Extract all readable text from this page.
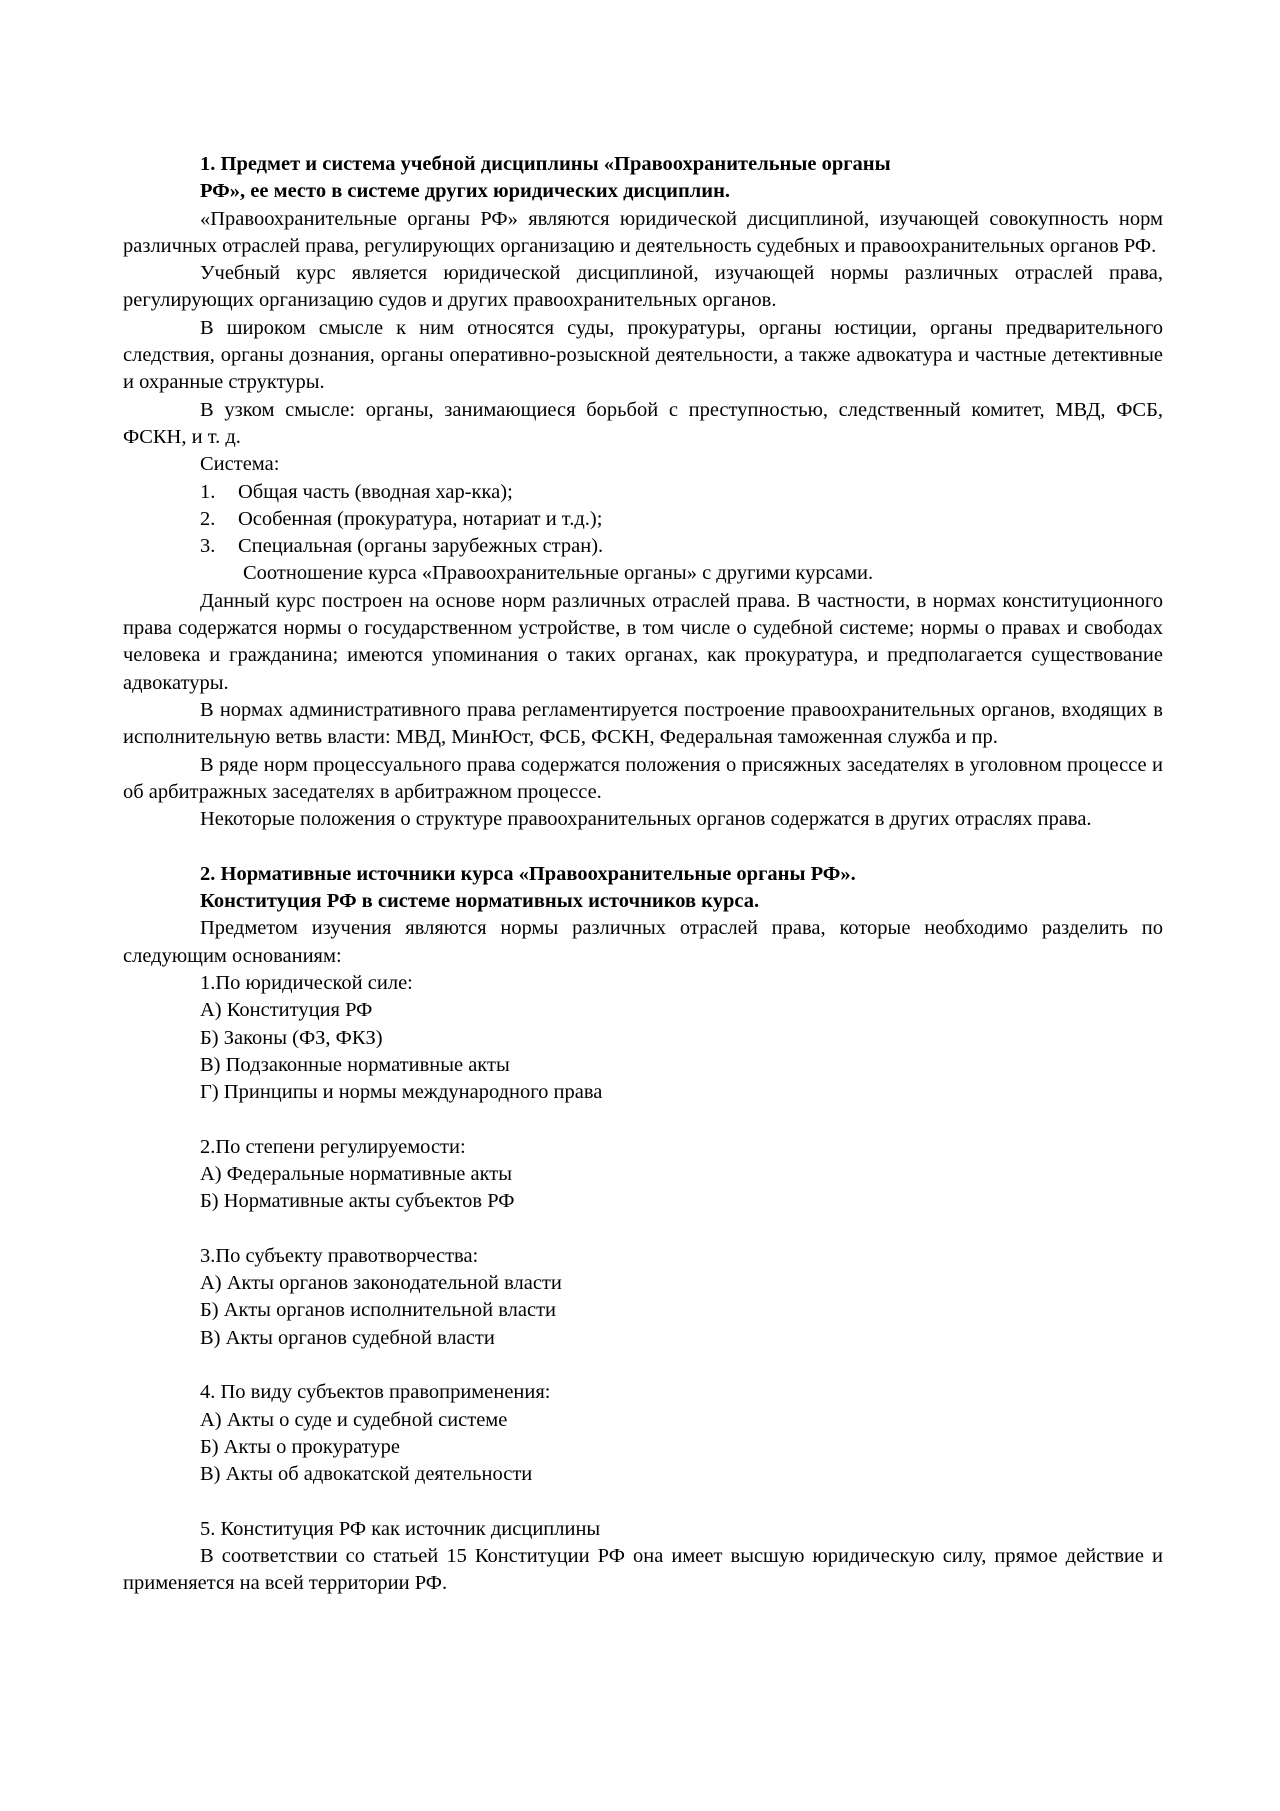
1. Предмет и система учебной дисциплины «Правоохранительные органы

РФ», ее место в системе других юридических дисциплин.

«Правоохранительные органы РФ» являются юридической дисциплиной, изучающей совокупность норм различных отраслей права, регулирующих организацию и деятельность судебных и правоохранительных органов РФ.

Учебный курс является юридической дисциплиной, изучающей нормы различных отраслей права, регулирующих организацию судов и других правоохранительных органов.

В широком смысле к ним относятся суды, прокуратуры, органы юстиции, органы предварительного следствия, органы дознания, органы оперативно-розыскной деятельности, а также адвокатура и частные детективные и охранные структуры.

В узком смысле: органы, занимающиеся борьбой с преступностью, следственный комитет, МВД, ФСБ, ФСКН, и т. д.

Система:

1.	Общая часть (вводная хар-кка);
2.	Особенная (прокуратура, нотариат и т.д.);
3.	Специальная (органы зарубежных стран).

Соотношение курса «Правоохранительные органы» с другими курсами.

Данный курс построен на основе норм различных отраслей права. В частности, в нормах конституционного права содержатся нормы о государственном устройстве, в том числе о судебной системе; нормы о правах и свободах человека и гражданина; имеются упоминания о таких органах, как прокуратура, и предполагается существование адвокатуры.

В нормах административного права регламентируется построение правоохранительных органов, входящих в исполнительную ветвь власти: МВД, МинЮст, ФСБ, ФСКН, Федеральная таможенная служба и пр.

В ряде норм процессуального права содержатся положения о присяжных заседателях в уголовном процессе и об арбитражных заседателях в арбитражном процессе.

Некоторые положения о структуре правоохранительных органов содержатся в других отраслях права.

2. Нормативные источники курса «Правоохранительные органы РФ».

Конституция РФ в системе нормативных источников курса.

Предметом изучения являются нормы различных отраслей права, которые необходимо разделить по следующим основаниям:

1.По юридической силе:

А) Конституция РФ

Б) Законы (ФЗ, ФКЗ)

В) Подзаконные нормативные акты

Г) Принципы и нормы международного права

2.По степени регулируемости:

А) Федеральные нормативные акты

Б) Нормативные акты субъектов РФ

3.По субъекту правотворчества:

А) Акты органов законодательной власти

Б) Акты органов исполнительной власти

В) Акты органов судебной власти

4. По виду субъектов правоприменения:

А) Акты о суде и судебной системе

Б) Акты о прокуратуре

В) Акты об адвокатской деятельности

5. Конституция РФ как источник дисциплины

В соответствии со статьей 15 Конституции РФ она имеет высшую юридическую силу, прямое действие и применяется на всей территории РФ.
